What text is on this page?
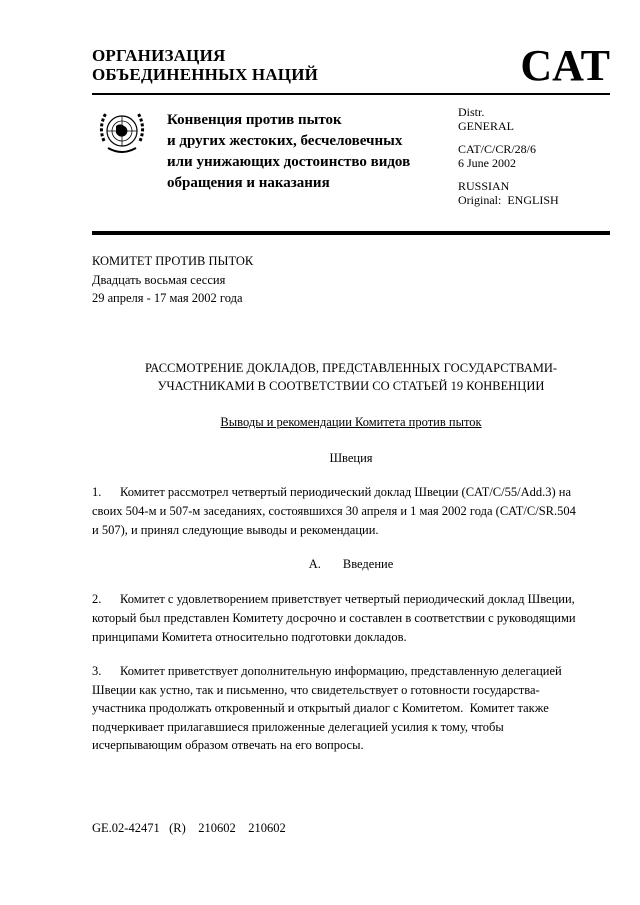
ОРГАНИЗАЦИЯ
ОБЪЕДИНЕННЫХ НАЦИЙ	CAT
Конвенция против пыток
и других жестоких, бесчеловечных
или унижающих достоинство видов
обращения и наказания
Distr.
GENERAL
CAT/C/CR/28/6
6 June 2002
RUSSIAN
Original:  ENGLISH
КОМИТЕТ ПРОТИВ ПЫТОК
Двадцать восьмая сессия
29 апреля - 17 мая 2002 года
РАССМОТРЕНИЕ ДОКЛАДОВ, ПРЕДСТАВЛЕННЫХ ГОСУДАРСТВАМИ-
УЧАСТНИКАМИ В СООТВЕТСТВИИ СО СТАТЬЕЙ 19 КОНВЕНЦИИ
Выводы и рекомендации Комитета против пыток
Швеция
1. Комитет рассмотрел четвертый периодический доклад Швеции (CAT/C/55/Add.3) на
своих 504-м и 507-м заседаниях, состоявшихся 30 апреля и 1 мая 2002 года (CAT/C/SR.504
и 507), и принял следующие выводы и рекомендации.
A. Введение
2. Комитет с удовлетворением приветствует четвертый периодический доклад Швеции,
который был представлен Комитету досрочно и составлен в соответствии с руководящими
принципами Комитета относительно подготовки докладов.
3. Комитет приветствует дополнительную информацию, представленную делегацией
Швеции как устно, так и письменно, что свидетельствует о готовности государства-
участника продолжать откровенный и открытый диалог с Комитетом.  Комитет также
подчеркивает прилагавшиеся приложенные делегацией усилия к тому, чтобы
исчерпывающим образом отвечать на его вопросы.
GE.02-42471   (R)    210602    210602
